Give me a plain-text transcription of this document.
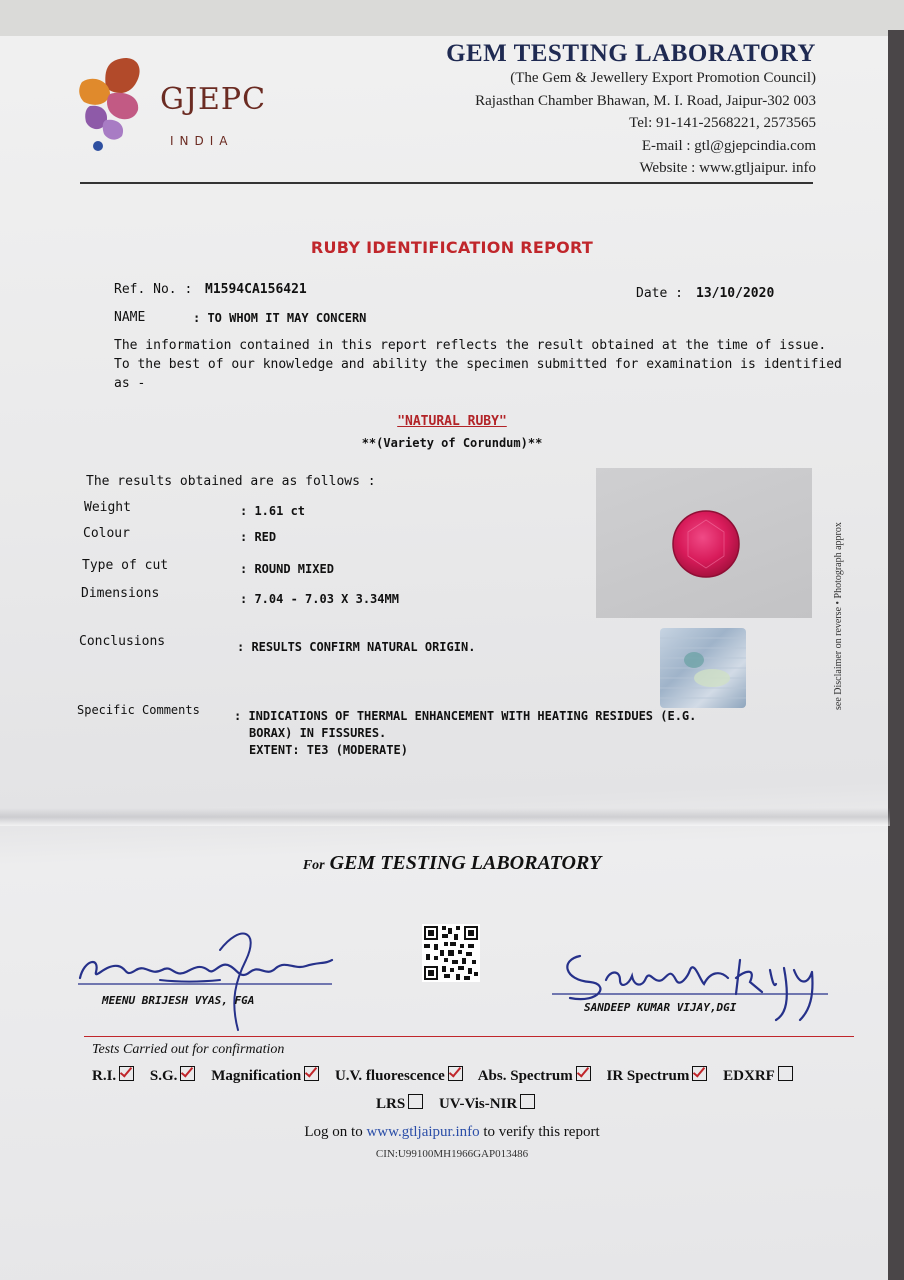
GJEPC
INDIA
GEM TESTING LABORATORY
(The Gem & Jewellery Export Promotion Council)
Rajasthan Chamber Bhawan, M. I. Road, Jaipur-302 003
Tel: 91-141-2568221, 2573565
E-mail : gtl@gjepcindia.com
Website : www.gtljaipur. info
RUBY IDENTIFICATION REPORT
Ref. No. : M1594CA156421	Date : 13/10/2020
NAME	: TO WHOM IT MAY CONCERN
The information contained in this report reflects the result obtained at the time of issue. To the best of our knowledge and ability the specimen submitted for examination is identified as -
"NATURAL RUBY"
**(Variety of Corundum)**
The results obtained are as follows :
Weight	: 1.61 ct
Colour	: RED
Type of cut	: ROUND MIXED
Dimensions	: 7.04 - 7.03 X 3.34MM
Conclusions	: RESULTS CONFIRM NATURAL ORIGIN.
Specific Comments	: INDICATIONS OF THERMAL ENHANCEMENT WITH HEATING RESIDUES (E.G.
BORAX) IN FISSURES.
EXTENT: TE3 (MODERATE)
see Disclaimer on reverse • Photograph approx
For GEM TESTING LABORATORY
MEENU BRIJESH VYAS, FGA
SANDEEP KUMAR VIJAY,DGI
Tests Carried out for confirmation
R.I. S.G. Magnification U.V. fluorescence Abs. Spectrum IR Spectrum EDXRF
LRS UV-Vis-NIR
Log on to www.gtljaipur.info to verify this report
CIN:U99100MH1966GAP013486
